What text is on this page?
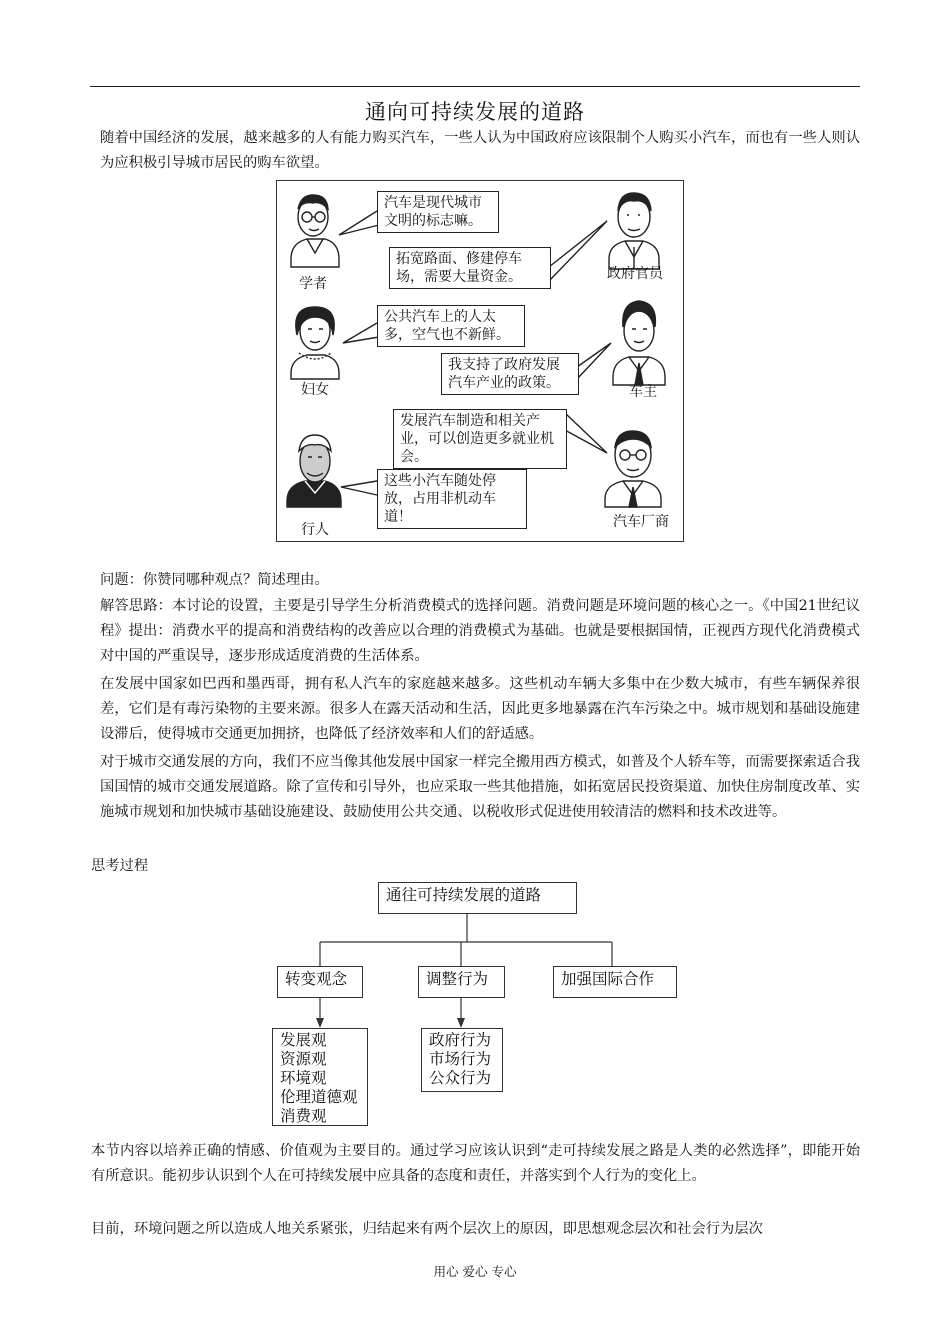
通向可持续发展的道路
随着中国经济的发展，越来越多的人有能力购买汽车，一些人认为中国政府应该限制个人购买小汽车，而也有一些人则认为应积极引导城市居民的购车欲望。
学者
政府官员
妇女	车主
行人	汽车厂商
汽车是现代城市文明的标志嘛。
拓宽路面、修建停车场，需要大量资金。
公共汽车上的人太多，空气也不新鲜。
我支持了政府发展汽车产业的政策。
发展汽车制造和相关产业，可以创造更多就业机会。
这些小汽车随处停放，占用非机动车道！
问题：你赞同哪种观点？简述理由。
解答思路：本讨论的设置，主要是引导学生分析消费模式的选择问题。消费问题是环境问题的核心之一。《中国21世纪议程》提出：消费水平的提高和消费结构的改善应以合理的消费模式为基础。也就是要根据国情，正视西方现代化消费模式对中国的严重误导，逐步形成适度消费的生活体系。
在发展中国家如巴西和墨西哥，拥有私人汽车的家庭越来越多。这些机动车辆大多集中在少数大城市，有些车辆保养很差，它们是有毒污染物的主要来源。很多人在露天活动和生活，因此更多地暴露在汽车污染之中。城市规划和基础设施建设滞后，使得城市交通更加拥挤，也降低了经济效率和人们的舒适感。
对于城市交通发展的方向，我们不应当像其他发展中国家一样完全搬用西方模式，如普及个人轿车等，而需要探索适合我国国情的城市交通发展道路。除了宣传和引导外，也应采取一些其他措施，如拓宽居民投资渠道、加快住房制度改革、实施城市规划和加快城市基础设施建设、鼓励使用公共交通、以税收形式促进使用较清洁的燃料和技术改进等。
思考过程
通往可持续发展的道路
转变观念	调整行为	加强国际合作
发展观
资源观
环境观
伦理道德观
消费观
政府行为
市场行为
公众行为
本节内容以培养正确的情感、价值观为主要目的。通过学习应该认识到“走可持续发展之路是人类的必然选择”，即能开始有所意识。能初步认识到个人在可持续发展中应具备的态度和责任，并落实到个人行为的变化上。
目前，环境问题之所以造成人地关系紧张，归结起来有两个层次上的原因，即思想观念层次和社会行为层次
用心 爱心 专心
